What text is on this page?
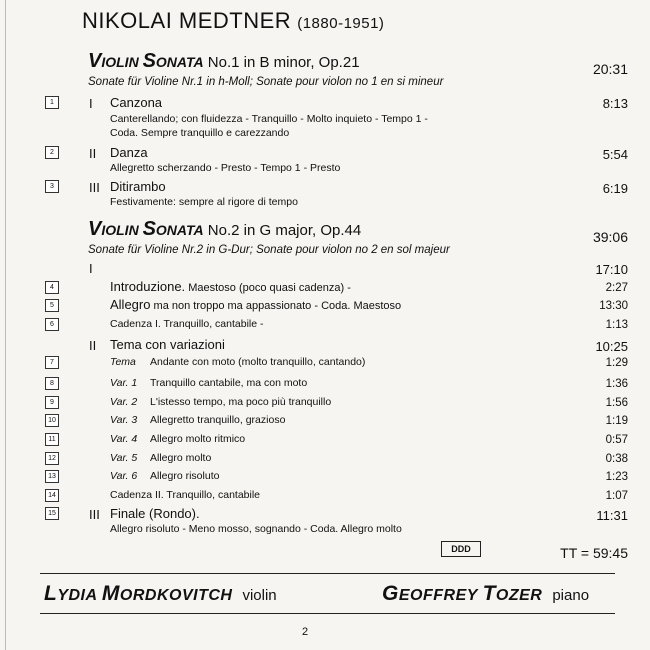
NIKOLAI MEDTNER (1880-1951)
VIOLIN SONATA No.1 in B minor, Op.21	20:31
Sonate für Violine Nr.1 in h-Moll; Sonate pour violon no 1 en si mineur
1	I Canzona	8:13
Canterellando; con fluidezza - Tranquillo - Molto inquieto - Tempo 1 -
Coda. Sempre tranquillo e carezzando
2	II Danza	5:54
Allegretto scherzando - Presto - Tempo 1 - Presto
3	III Ditirambo	6:19
Festivamente: sempre al rigore di tempo
VIOLIN SONATA No.2 in G major, Op.44	39:06
Sonate für Violine Nr.2 in G-Dur; Sonate pour violon no 2 en sol majeur
I	17:10
4	Introduzione. Maestoso (poco quasi cadenza) -	2:27
5	Allegro ma non troppo ma appassionato - Coda. Maestoso	13:30
6	Cadenza I. Tranquillo, cantabile -	1:13
II Tema con variazioni	10:25
7	Tema Andante con moto (molto tranquillo, cantando)	1:29
8	Var. 1 Tranquillo cantabile, ma con moto	1:36
9	Var. 2 L'istesso tempo, ma poco più tranquillo	1:56
10	Var. 3 Allegretto tranquillo, grazioso	1:19
11	Var. 4 Allegro molto ritmico	0:57
12	Var. 5 Allegro molto	0:38
13	Var. 6 Allegro risoluto	1:23
14	Cadenza II. Tranquillo, cantabile	1:07
15	III Finale (Rondo).	11:31
Allegro risoluto - Meno mosso, sognando - Coda. Allegro molto
DDD	TT = 59:45
LYDIA MORDKOVITCH violin	GEOFFREY TOZER piano
2
